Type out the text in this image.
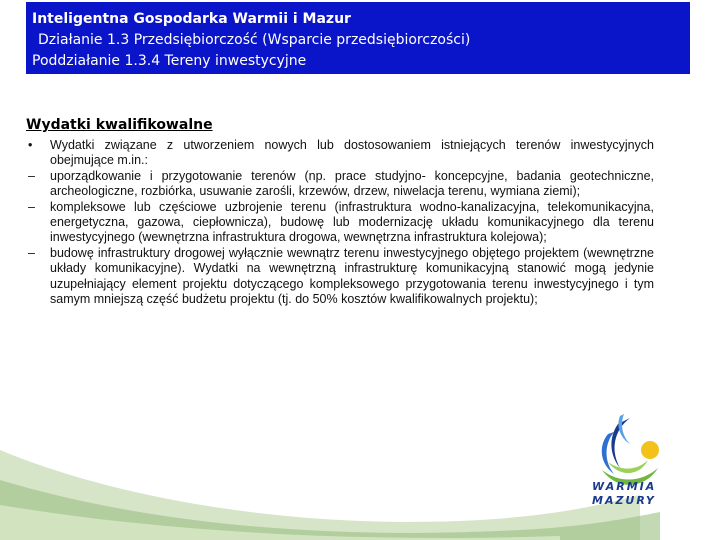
Inteligentna Gospodarka Warmii i Mazur
Działanie 1.3 Przedsiębiorczość (Wsparcie przedsiębiorczości)
Poddziałanie 1.3.4 Tereny inwestycyjne
Wydatki kwalifikowalne
• Wydatki związane z utworzeniem nowych lub dostosowaniem istniejących terenów inwestycyjnych obejmujące m.in.:
– uporządkowanie i przygotowanie terenów (np. prace studyjno- koncepcyjne, badania geotechniczne, archeologiczne, rozbiórka, usuwanie zarośli, krzewów, drzew, niwelacja terenu, wymiana ziemi);
– kompleksowe lub częściowe uzbrojenie terenu (infrastruktura wodno-kanalizacyjna, telekomunikacyjna, energetyczna, gazowa, ciepłownicza), budowę lub modernizację układu komunikacyjnego dla terenu inwestycyjnego (wewnętrzna infrastruktura drogowa, wewnętrzna infrastruktura kolejowa);
– budowę infrastruktury drogowej wyłącznie wewnątrz terenu inwestycyjnego objętego projektem (wewnętrzne układy komunikacyjne). Wydatki na wewnętrzną infrastrukturę komunikacyjną stanowić mogą jedynie uzupełniający element projektu dotyczącego kompleksowego przygotowania terenu inwestycyjnego i tym samym mniejszą część budżetu projektu (tj. do 50% kosztów kwalifikowalnych projektu);
WARMIA
MAZURY
